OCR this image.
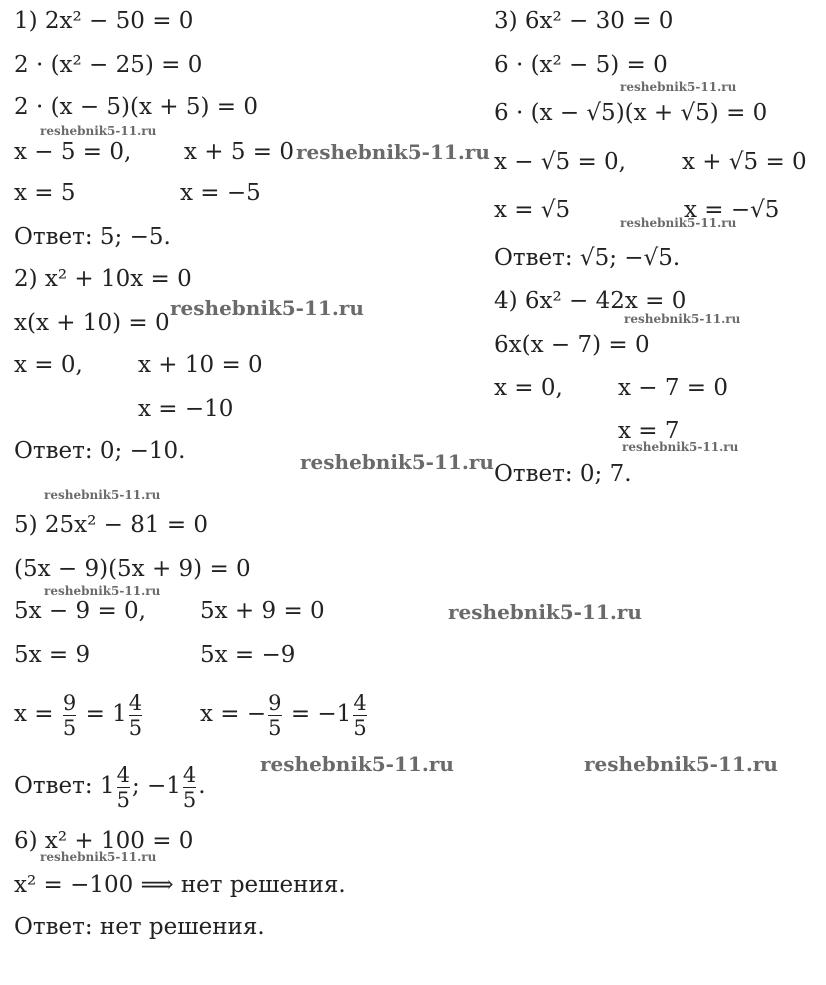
1) 2x² − 50 = 0
2 · (x² − 25) = 0
2 · (x − 5)(x + 5) = 0
x − 5 = 0, x + 5 = 0
x = 5	x = −5
Ответ: 5; −5.
2) x² + 10x = 0
x(x + 10) = 0
x = 0, x + 10 = 0
x = −10
Ответ: 0; −10.
3) 6x² − 30 = 0
6 · (x² − 5) = 0
6 · (x − √5)(x + √5) = 0
x − √5 = 0, x + √5 = 0
x = √5	x = −√5
Ответ: √5; −√5.
4) 6x² − 42x = 0
6x(x − 7) = 0
x = 0, x − 7 = 0
x = 7
Ответ: 0; 7.
5) 25x² − 81 = 0
(5x − 9)(5x + 9) = 0
5x − 9 = 0, 5x + 9 = 0
5x = 9	5x = −9
$x = \frac{9}{5} = 1 \frac{4}{5}$	x = − $\frac{9}{5} = -1 \frac{4}{5}$
Ответ: $1 \frac{4}{5}$ ; $-1 \frac{4}{5}$ .
6) x² + 100 = 0
x² = −100 ⟹ нет решения.
Ответ: нет решения.
reshebnik5-11.ru
reshebnik5-11.ru
reshebnik5-11.ru
reshebnik5-11.ru
reshebnik5-11.ru	reshebnik5-11.ru
reshebnik5-11.ru
reshebnik5-11.ru
reshebnik5-11.ru
reshebnik5-11.ru
reshebnik5-11.ru
reshebnik5-11.ru
reshebnik5-11.ru
reshebnik5-11.ru
